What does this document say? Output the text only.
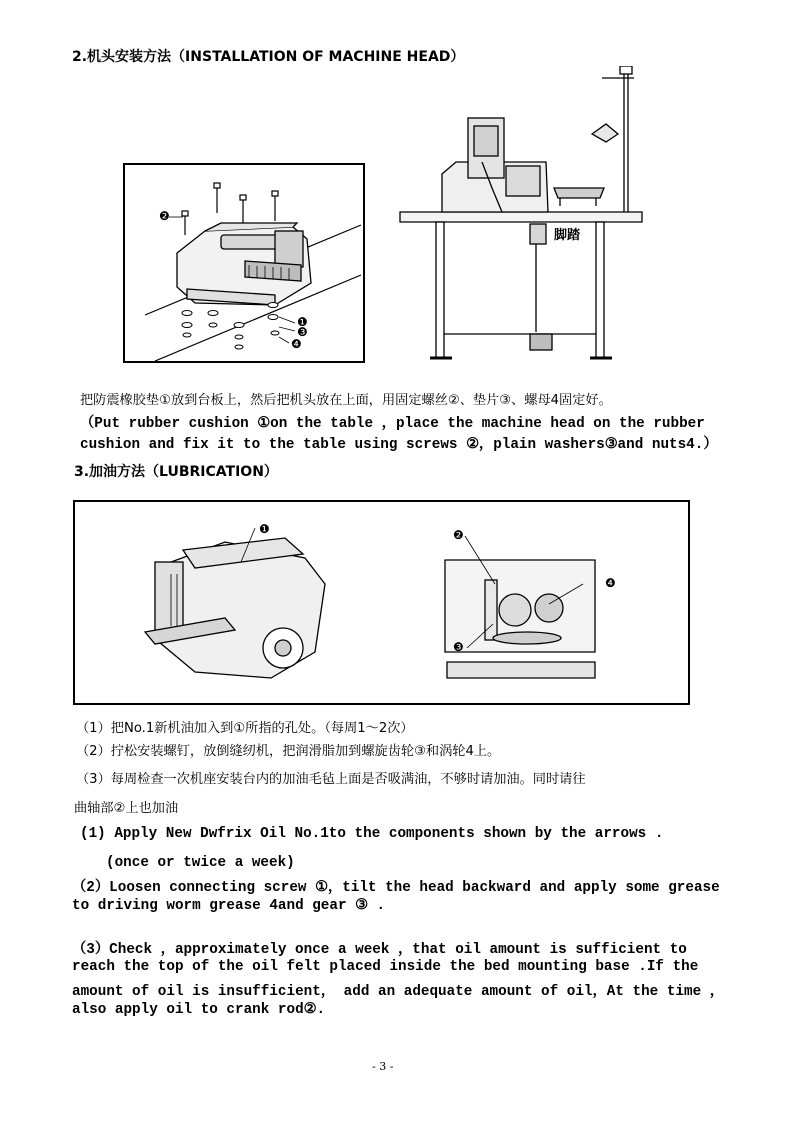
2.机头安装方法（INSTALLATION OF MACHINE HEAD）
❷
❶
❸
❹
脚踏
把防震橡胶垫①放到台板上，然后把机头放在上面，用固定螺丝②、垫片③、螺母4固定好。
（Put rubber cushion ①on the table ，place the machine head on the rubber
cushion and fix it to the table using screws ②，plain washers③and nuts4.）
3.加油方法（LUBRICATION）
❶	❷
❹
❸
（1）把No.1新机油加入到①所指的孔处。（每周1～2次）
（2）拧松安装螺钉，放倒缝纫机，把润滑脂加到螺旋齿轮③和涡轮4上。
（3）每周检查一次机座安装台内的加油毛毡上面是否吸满油，不够时请加油。同时请往
曲轴部②上也加油
(1) Apply New Dwfrix Oil No.1to the components shown by the arrows .
(once or twice a week)
（2）Loosen connecting screw ①，tilt the head backward and apply some grease
to driving worm grease 4and gear ③ .
（3）Check ，approximately once a week ，that oil amount is sufficient to
reach the top of the oil felt placed inside the bed mounting base .If the
amount of oil is insufficient， add an adequate amount of oil，At the time ，
also apply oil to crank rod②.
- 3 -
